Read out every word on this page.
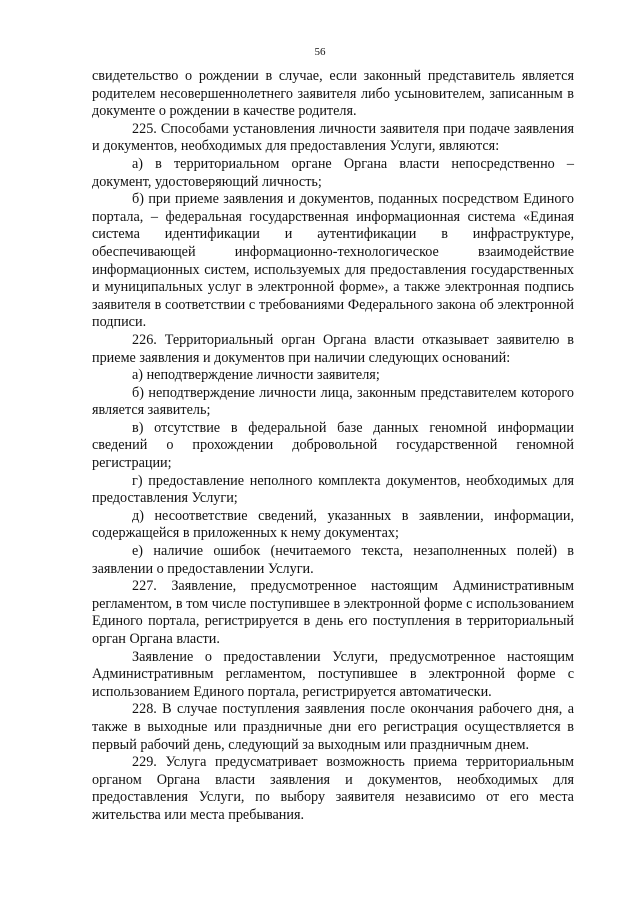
56

свидетельство о рождении в случае, если законный представитель является родителем несовершеннолетнего заявителя либо усыновителем, записанным в документе о рождении в качестве родителя.

225. Способами установления личности заявителя при подаче заявления и документов, необходимых для предоставления Услуги, являются:

а) в территориальном органе Органа власти непосредственно – документ, удостоверяющий личность;

б) при приеме заявления и документов, поданных посредством Единого портала, – федеральная государственная информационная система «Единая система идентификации и аутентификации в инфраструктуре, обеспечивающей информационно-технологическое взаимодействие информационных систем, используемых для предоставления государственных и муниципальных услуг в электронной форме», а также электронная подпись заявителя в соответствии с требованиями Федерального закона об электронной подписи.

226. Территориальный орган Органа власти отказывает заявителю в приеме заявления и документов при наличии следующих оснований:

а) неподтверждение личности заявителя;

б) неподтверждение личности лица, законным представителем которого является заявитель;

в) отсутствие в федеральной базе данных геномной информации сведений о прохождении добровольной государственной геномной регистрации;

г) предоставление неполного комплекта документов, необходимых для предоставления Услуги;

д) несоответствие сведений, указанных в заявлении, информации, содержащейся в приложенных к нему документах;

е) наличие ошибок (нечитаемого текста, незаполненных полей) в заявлении о предоставлении Услуги.

227. Заявление, предусмотренное настоящим Административным регламентом, в том числе поступившее в электронной форме с использованием Единого портала, регистрируется в день его поступления в территориальный орган Органа власти.

Заявление о предоставлении Услуги, предусмотренное настоящим Административным регламентом, поступившее в электронной форме с использованием Единого портала, регистрируется автоматически.

228. В случае поступления заявления после окончания рабочего дня, а также в выходные или праздничные дни его регистрация осуществляется в первый рабочий день, следующий за выходным или праздничным днем.

229. Услуга предусматривает возможность приема территориальным органом Органа власти заявления и документов, необходимых для предоставления Услуги, по выбору заявителя независимо от его места жительства или места пребывания.
